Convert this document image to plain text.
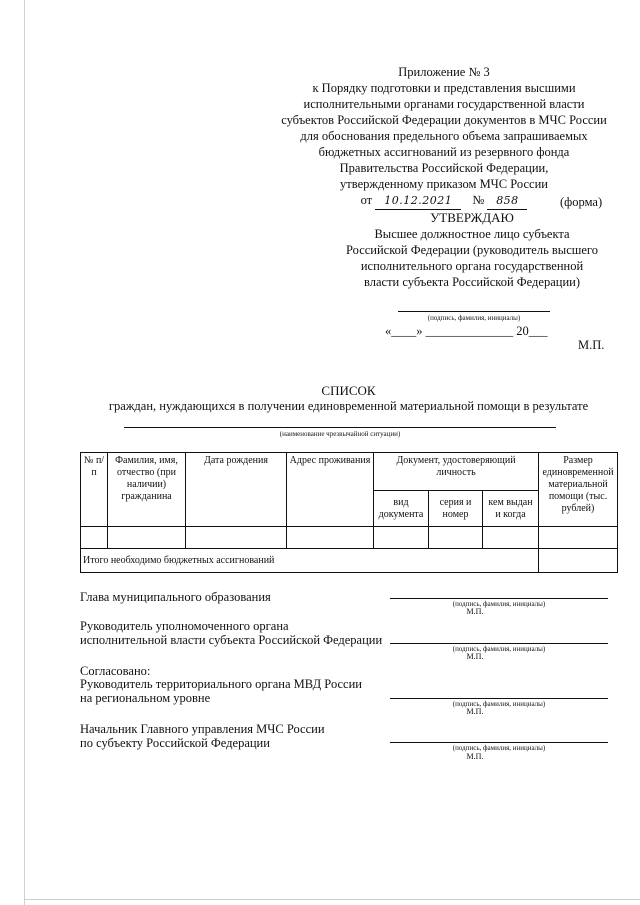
Приложение № 3
к Порядку подготовки и представления высшими
исполнительными органами государственной власти
субъектов Российской Федерации документов в МЧС России
для обоснования предельного объема запрашиваемых
бюджетных ассигнований из резервного фонда
Правительства Российской Федерации,
утвержденному приказом МЧС России
от 10.12.2021 № 858	(форма)
УТВЕРЖДАЮ
Высшее должностное лицо субъекта
Российской Федерации (руководитель высшего
исполнительного органа государственной
власти субъекта Российской Федерации)
(подпись, фамилия, инициалы)
«____» ______________ 20___
М.П.
СПИСОК
граждан, нуждающихся в получении единовременной материальной помощи в результате
(наименование чрезвычайной ситуации)
№ п/п	Фамилия, имя, отчество (при наличии) гражданина	Дата рождения	Адрес проживания	Документ, удостоверяющий личность			Размер единовременной материальной помощи (тыс. рублей)
				вид документа	серия и номер	кем выдан и когда	

Итого необходимо бюджетных ассигнований							
Глава муниципального образования	(подпись, фамилия, инициалы)
М.П.
Руководитель уполномоченного органа
исполнительной власти субъекта Российской Федерации
(подпись, фамилия, инициалы)
М.П.
Согласовано:
Руководитель территориального органа МВД России
на региональном уровне	(подпись, фамилия, инициалы)
М.П.
Начальник Главного управления МЧС России
по субъекту Российской Федерации	(подпись, фамилия, инициалы)
М.П.
